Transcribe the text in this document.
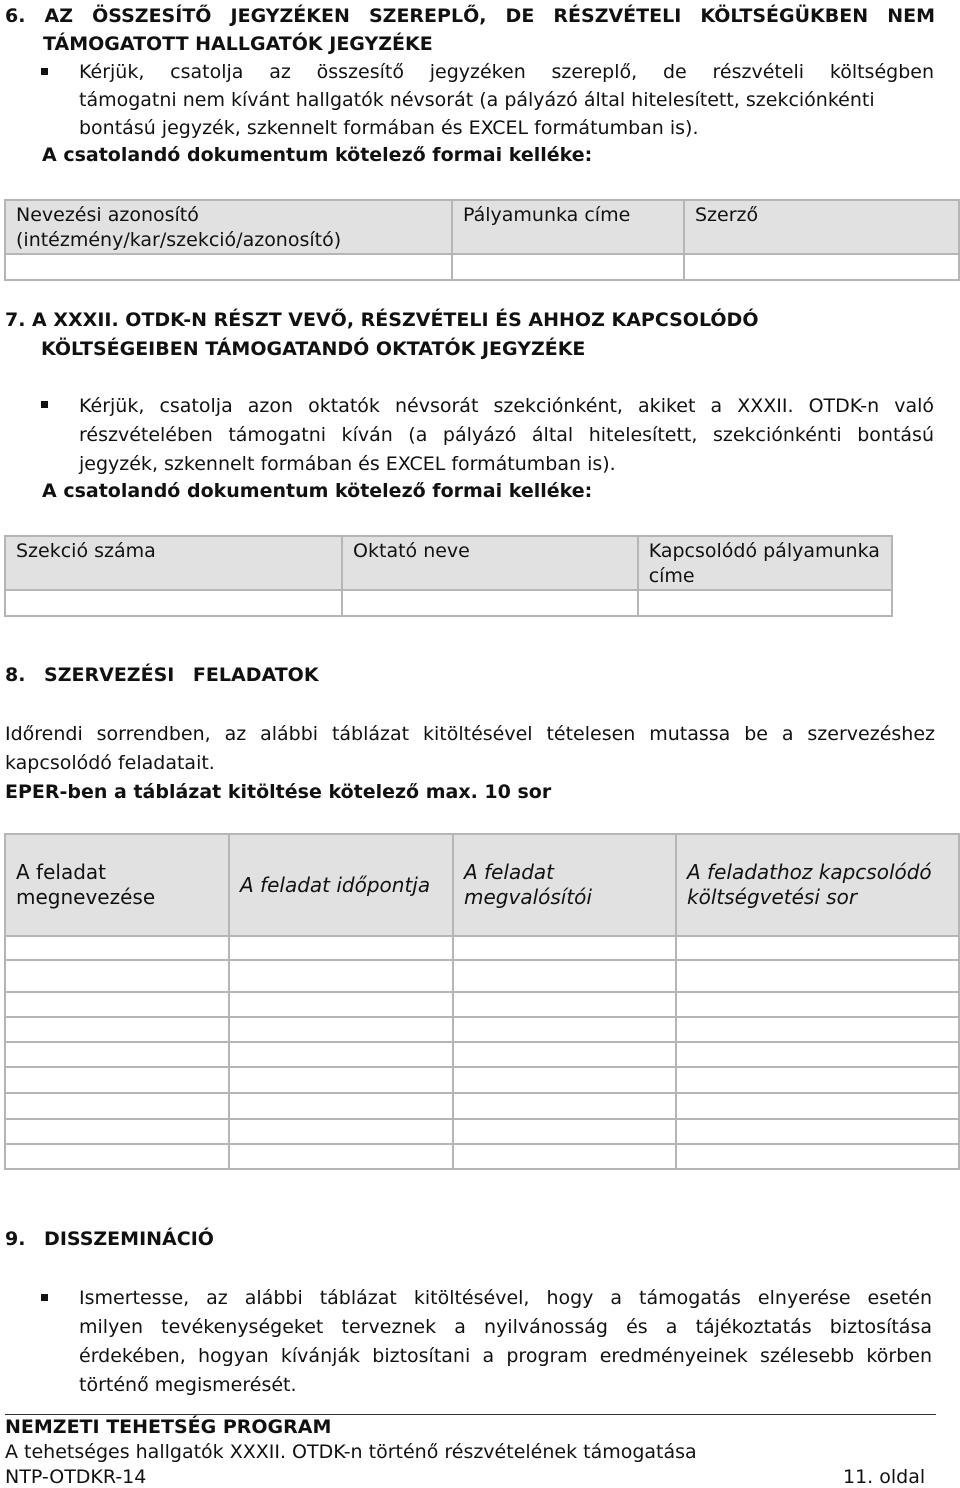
6. AZ ÖSSZESÍTŐ JEGYZÉKEN SZEREPLŐ, DE RÉSZVÉTELI KÖLTSÉGÜKBEN NEM
TÁMOGATOTT HALLGATÓK JEGYZÉKE
Kérjük, csatolja az összesítő jegyzéken szereplő, de részvételi költségben
támogatni nem kívánt hallgatók névsorát (a pályázó által hitelesített, szekciónkénti
bontású jegyzék, szkennelt formában és EXCEL formátumban is).
A csatolandó dokumentum kötelező formai kelléke:
Nevezési azonosító (intézmény/kar/szekció/azonosító)	Pályamunka címe	Szerző

7. A XXXII. OTDK-N RÉSZT VEVŐ, RÉSZVÉTELI ÉS AHHOZ KAPCSOLÓDÓ
KÖLTSÉGEIBEN TÁMOGATANDÓ OKTATÓK JEGYZÉKE
Kérjük, csatolja azon oktatók névsorát szekciónként, akiket a XXXII. OTDK-n való
részvételében támogatni kíván (a pályázó által hitelesített, szekciónkénti bontású
jegyzék, szkennelt formában és EXCEL formátumban is).
A csatolandó dokumentum kötelező formai kelléke:
Szekció száma	Oktató neve	Kapcsolódó pályamunka címe

8. SZERVEZÉSI FELADATOK
Időrendi sorrendben, az alábbi táblázat kitöltésével tételesen mutassa be a szervezéshez
kapcsolódó feladatait.
EPER-ben a táblázat kitöltése kötelező max. 10 sor
A feladat megnevezése	A feladat időpontja	A feladat megvalósítói	A feladathoz kapcsolódó költségvetési sor

9. DISSZEMINÁCIÓ
Ismertesse, az alábbi táblázat kitöltésével, hogy a támogatás elnyerése esetén
milyen tevékenységeket terveznek a nyilvánosság és a tájékoztatás biztosítása
érdekében, hogyan kívánják biztosítani a program eredményeinek szélesebb körben
történő megismerését.
NEMZETI TEHETSÉG PROGRAM
A tehetséges hallgatók XXXII. OTDK-n történő részvételének támogatása
NTP-OTDKR-14	11. oldal
